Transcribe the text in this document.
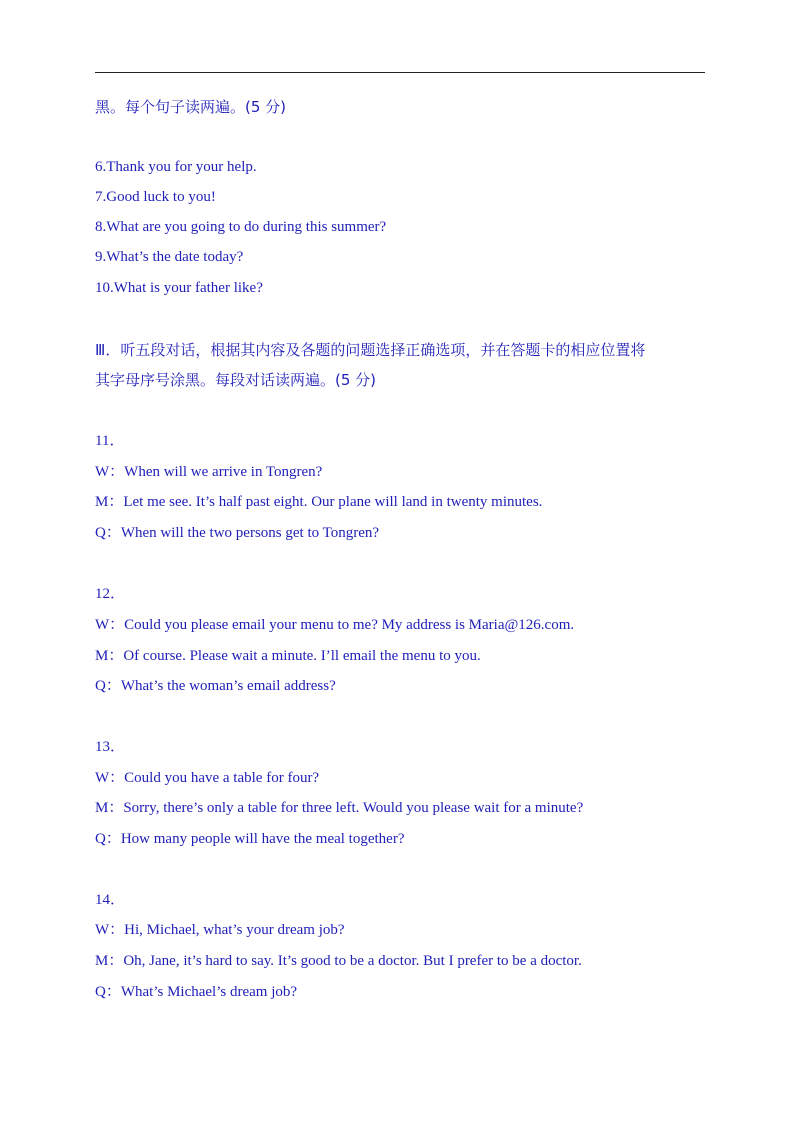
黑。每个句子读两遍。(5 分)
6.Thank you for your help.
7.Good luck to you!
8.What are you going to do during this summer?
9.What’s the date today?
10.What is your father like?
Ⅲ．听五段对话，根据其内容及各题的问题选择正确选项，并在答题卡的相应位置将
其字母序号涂黑。每段对话读两遍。(5 分)
11．
W：When will we arrive in Tongren?
M：Let me see. It’s half past eight. Our plane will land in twenty minutes.
Q：When will the two persons get to Tongren?
12．
W：Could you please email your menu to me? My address is Maria@126.com.
M：Of course. Please wait a minute. I’ll email the menu to you.
Q：What’s the woman’s email address?
13．
W：Could you have a table for four?
M：Sorry, there’s only a table for three left. Would you please wait for a minute?
Q：How many people will have the meal together?
14．
W：Hi, Michael, what’s your dream job?
M：Oh, Jane, it’s hard to say. It’s good to be a doctor. But I prefer to be a doctor.
Q：What’s Michael’s dream job?
